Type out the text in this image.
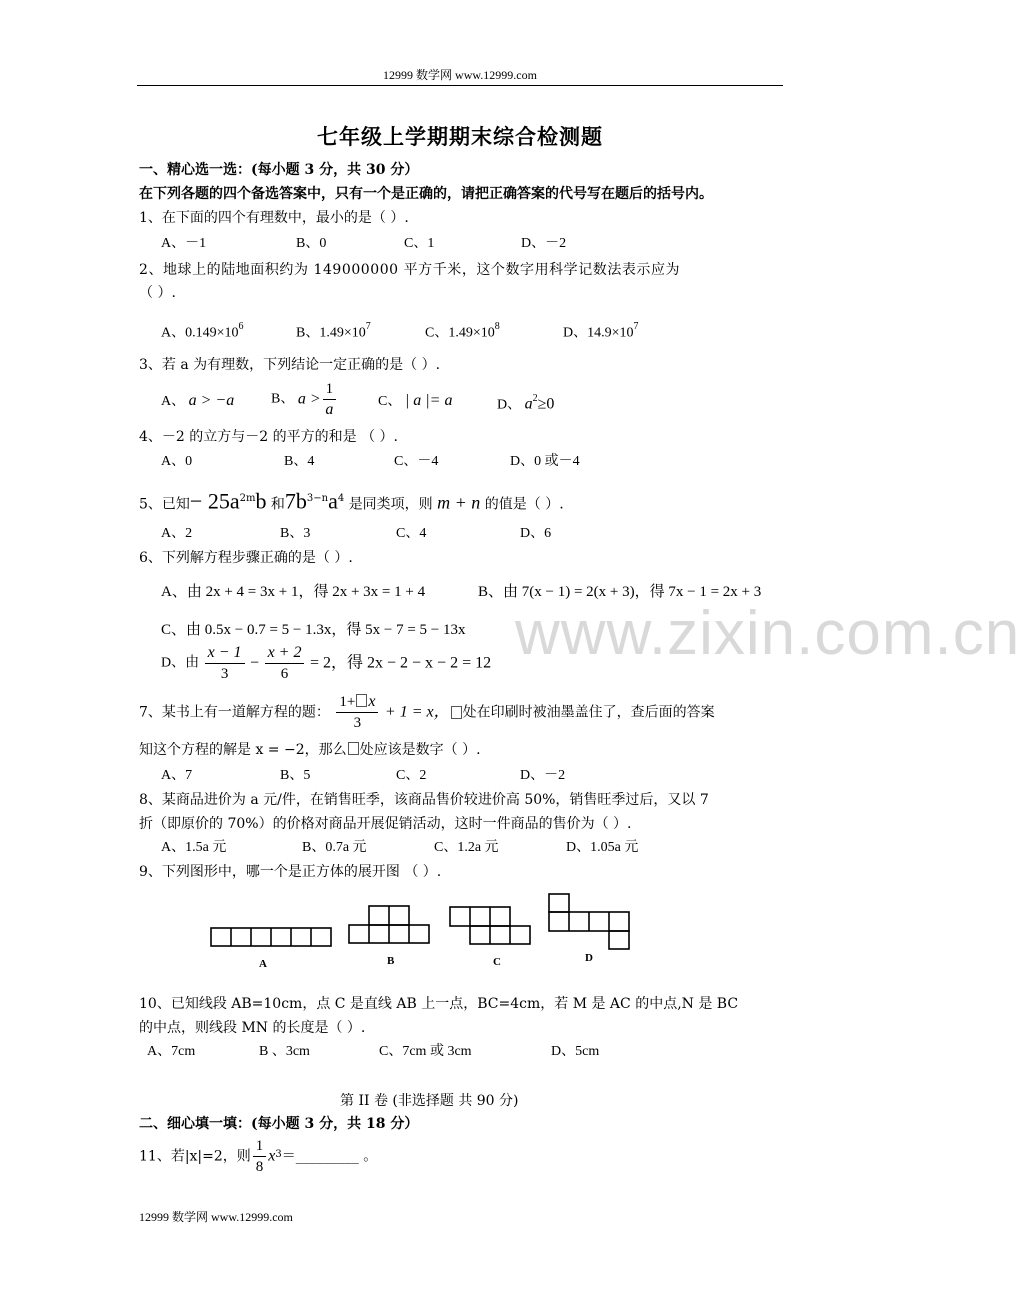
12999 数学网 www.12999.com
七年级上学期期末综合检测题
一、精心选一选：(每小题 3 分，共 30 分）
在下列各题的四个备选答案中，只有一个是正确的，请把正确答案的代号写在题后的括号内。
1、在下面的四个有理数中，最小的是（ ）.
A、－1	B、0	C、1	D、－2
2、地球上的陆地面积约为 149000000 平方千米，这个数字用科学记数法表示应为
（ ）.
A、$0.149\times 10^6$	B、$1.49\times 10^7$	C、$1.49\times 10^8$	D、$14.9\times 10^7$
3、若 a 为有理数，下列结论一定正确的是（ ）.
A、 a > −a	B、 $a > \frac{1}{a}$	C、 | a |= a	D、 $a^2\ge 0$
4、－2 的立方与－2 的平方的和是 （ ）.
A、0	B、4	C、－4	D、0 或－4
5、已知− $25a^{2m}b$ 和$7b^{3-n}a^4$ 是同类项，则 m + n 的值是（ ）.
A、2	B、3	C、4	D、6
6、下列解方程步骤正确的是（ ）.
A、由 2x + 4 = 3x + 1，得 2x + 3x = 1 + 4	B、由 7(x − 1) = 2(x + 3)，得 7x − 1 = 2x + 3
C、由 0.5x − 0.7 = 5 − 1.3x，得 5x − 7 = 5 − 13x
D、由 $\frac{x - 1}{3} - \frac{x + 2}{6} = 2$，得 2x − 2 − x − 2 = 12
7、某书上有一道解方程的题： $\frac{1+ x}{3} + 1 = x$， 处在印刷时被油墨盖住了，查后面的答案
知这个方程的解是 x = −2，那么 处应该是数字（ ）.
A、7	B、5	C、2	D、－2
8、某商品进价为 a 元/件，在销售旺季，该商品售价较进价高 50%，销售旺季过后，又以 7
折（即原价的 70%）的价格对商品开展促销活动，这时一件商品的售价为（ ）.
A、1.5a 元	B、0.7a 元	C、1.2a 元	D、1.05a 元
9、下列图形中，哪一个是正方体的展开图 （ ）.
A	B	C	D
10、已知线段 AB=10cm，点 C 是直线 AB 上一点，BC=4cm，若 M 是 AC 的中点,N 是 BC
的中点，则线段 MN 的长度是（ ）.
A、7cm	B 、3cm	C、7cm 或 3cm	D、5cm
第 II 卷 (非选择题 共 90 分)
二、细心填一填：(每小题 3 分，共 18 分）
11、若|x|=2，则 $\frac{1}{8}$ $x^3=\_\_\_\_\_\_\_\_\_$ 。
www.zixin.com.cn
12999 数学网 www.12999.com
